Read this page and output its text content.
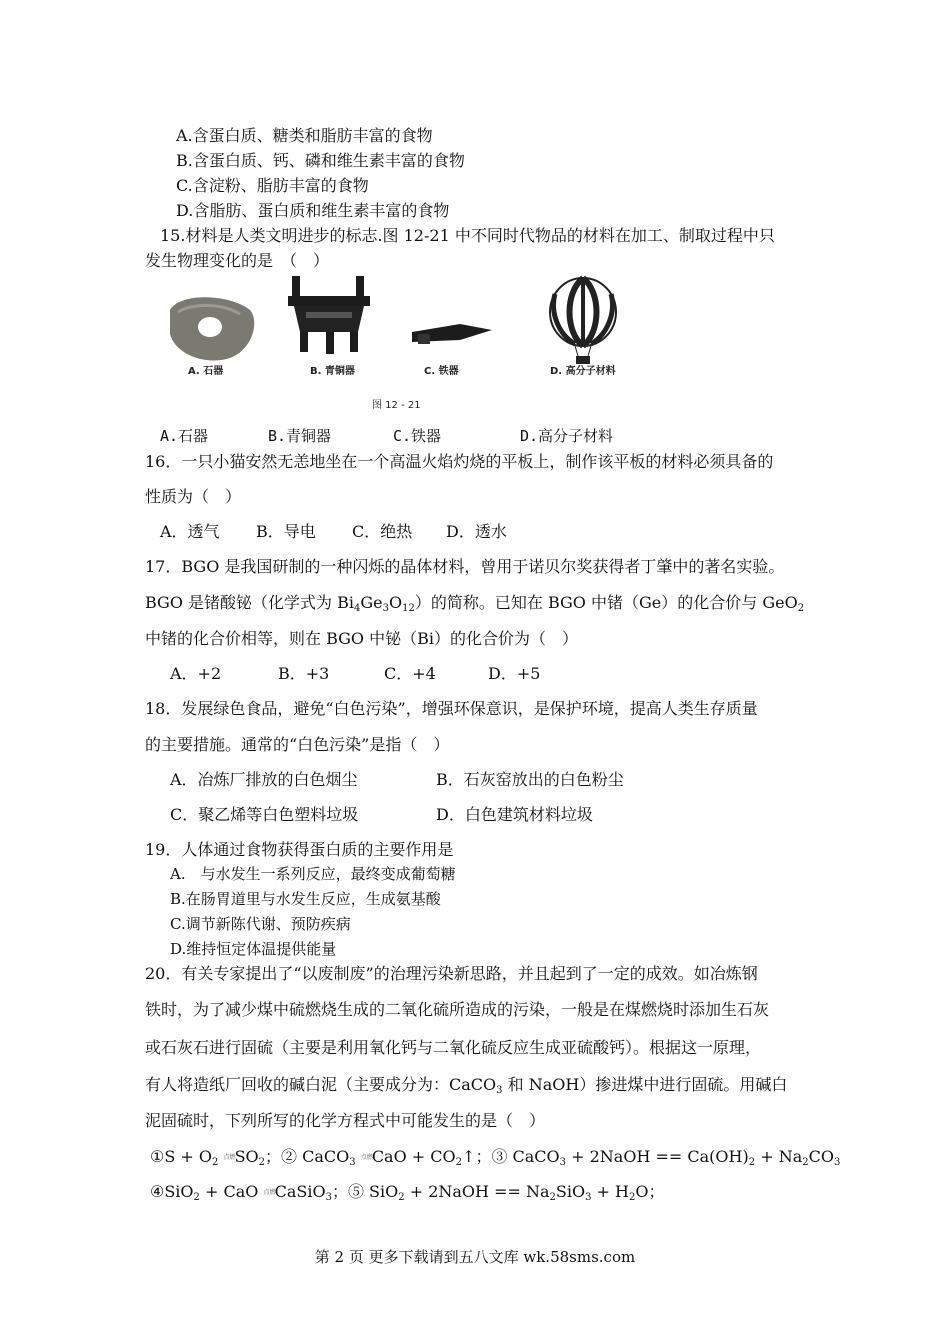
A.含蛋白质、糖类和脂肪丰富的食物
B.含蛋白质、钙、磷和维生素丰富的食物
C.含淀粉、脂肪丰富的食物
D.含脂肪、蛋白质和维生素丰富的食物
15.材料是人类文明进步的标志.图 12-21 中不同时代物品的材料在加工、制取过程中只
发生物理变化的是　（　）
A. 石器	B. 青铜器	C. 铁器	D. 高分子材料
图 12 - 21
A.石器	B.青铜器	C.铁器	D.高分子材料
16．一只小猫安然无恙地坐在一个高温火焰灼烧的平板上，制作该平板的材料必须具备的
性质为（　）
A．透气 B．导电 C．绝热 D．透水
17．BGO 是我国研制的一种闪烁的晶体材料，曾用于诺贝尔奖获得者丁肇中的著名实验。
BGO 是锗酸铋（化学式为 $Bi_4Ge_3O_{12}$）的简称。已知在 BGO 中锗（Ge）的化合价与 GeO$_2$
中锗的化合价相等，则在 BGO 中铋（Bi）的化合价为（　）
A．+2	B．+3	C．+4	D．+5
18．发展绿色食品，避免“白色污染”，增强环保意识，是保护环境，提高人类生存质量
的主要措施。通常的“白色污染”是指（　）
A．冶炼厂排放的白色烟尘	B．石灰窑放出的白色粉尘
C．聚乙烯等白色塑料垃圾	D．白色建筑材料垃圾
19．人体通过食物获得蛋白质的主要作用是
A.　与水发生一系列反应，最终变成葡萄糖
B.在肠胃道里与水发生反应，生成氨基酸
C.调节新陈代谢、预防疾病
D.维持恒定体温提供能量
20．有关专家提出了“以废制废”的治理污染新思路，并且起到了一定的成效。如冶炼钢
铁时，为了减少煤中硫燃烧生成的二氧化硫所造成的污染，一般是在煤燃烧时添加生石灰
或石灰石进行固硫（主要是利用氧化钙与二氧化硫反应生成亚硫酸钙）。根据这一原理，
有人将造纸厂回收的碱白泥（主要成分为：CaCO$_3$ 和 NaOH）掺进煤中进行固硫。用碱白
泥固硫时，下列所写的化学方程式中可能发生的是（　）
①S + $O_2$ 点燃 $SO_2$；② CaCO$_3$ 点燃 CaO + $CO_2↑$；③ CaCO$_3$ + 2NaOH == $Ca(OH)_2 + Na_2CO_3$
④SiO$_2$ + CaO 点燃 CaSiO$_3$；⑤ SiO$_2$ + 2NaOH == $Na_2SiO_3 + H_2O$；
第 2 页 更多下载请到五八文库 wk.58sms.com
